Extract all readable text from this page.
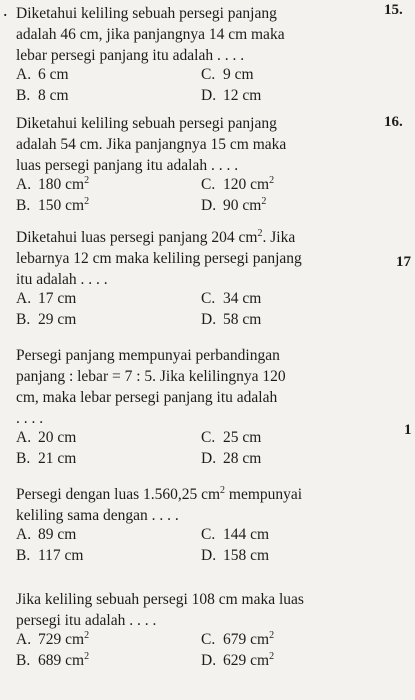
. Diketahui keliling sebuah persegi panjang

adalah 46 cm, jika panjangnya 14 cm maka

lebar persegi panjang itu adalah . . . .

A. 6 cm	C. 9 cm
B. 8 cm	D. 12 cm

Diketahui keliling sebuah persegi panjang

adalah 54 cm. Jika panjangnya 15 cm maka

luas persegi panjang itu adalah . . . .

A. 180 $cm^2$	C. 120 $cm^2$
B. 150 $cm^2$	D. 90 $cm^2$

Diketahui luas persegi panjang 204 $cm^2$. Jika

lebarnya 12 cm maka keliling persegi panjang

itu adalah . . . .

A. 17 cm	C. 34 cm
B. 29 cm	D. 58 cm

Persegi panjang mempunyai perbandingan

panjang : lebar = 7 : 5. Jika kelilingnya 120

cm, maka lebar persegi panjang itu adalah

. . . .

A. 20 cm	C. 25 cm
B. 21 cm	D. 28 cm

Persegi dengan luas 1.560,25 $cm^2$ mempunyai

keliling sama dengan . . . .

A. 89 cm	C. 144 cm
B. 117 cm	D. 158 cm

Jika keliling sebuah persegi 108 cm maka luas

persegi itu adalah . . . .

A. 729 $cm^2$	C. 679 $cm^2$
B. 689 $cm^2$	D. 629 $cm^2$
15.
16.
17
1
